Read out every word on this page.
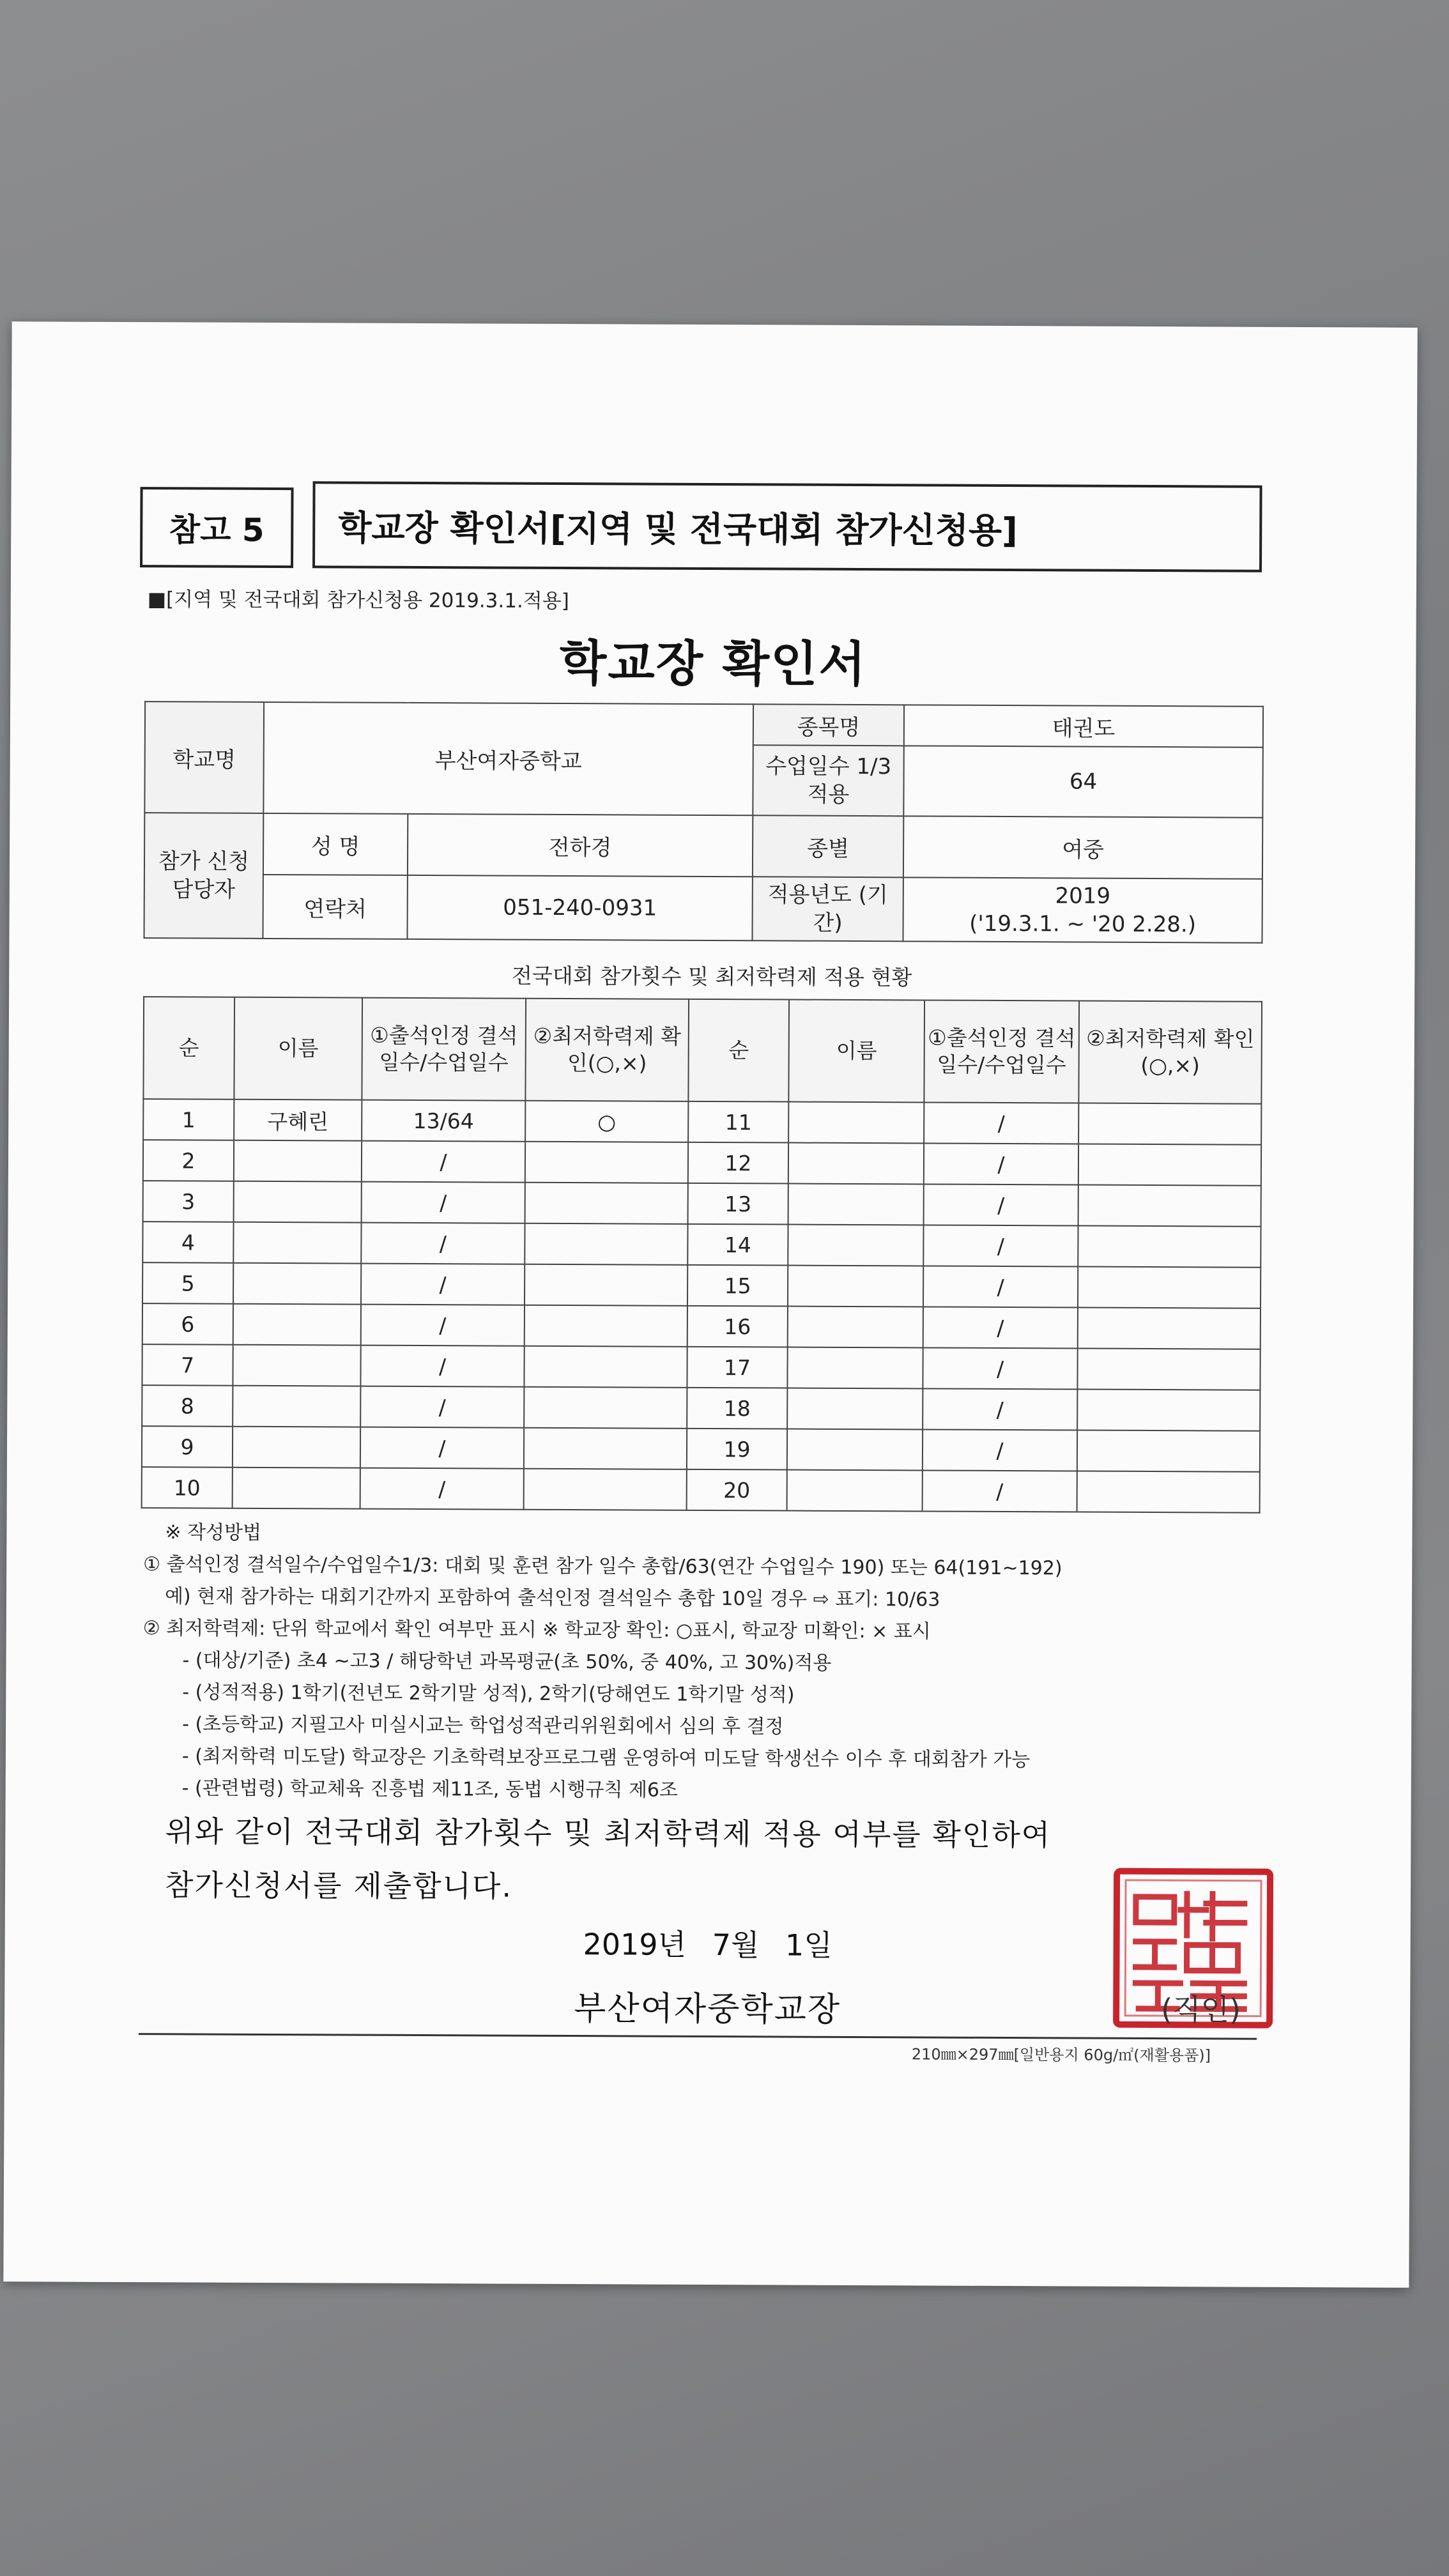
참고 5 학교장 확인서[지역 및 전국대회 참가신청용]
■[지역 및 전국대회 참가신청용 2019.3.1.적용]
학교장 확인서
학교명	부산여자중학교		종목명	태권도
			수업일수 1/3 적용	64
참가 신청 담당자	성 명	전하경	종별	여중
	연락처	051-240-0931	적용년도 (기간)	2019
('19.3.1. ~ '20 2.28.)
전국대회 참가횟수 및 최저학력제 적용 현황
순	이름	①출석인정 결석일수/수업일수	②최저학력제 확인(○,×)	순	이름	①출석인정 결석일수/수업일수	②최저학력제 확인(○,×)
1	구혜린	13/64	○	11		/	
2		/		12		/	
3		/		13		/	
4		/		14		/	
5		/		15		/	
6		/		16		/	
7		/		17		/	
8		/		18		/	
9		/		19		/	
10		/		20		/	
※ 작성방법
① 출석인정 결석일수/수업일수1/3: 대회 및 훈련 참가 일수 총합/63(연간 수업일수 190) 또는 64(191~192)
예) 현재 참가하는 대회기간까지 포함하여 출석인정 결석일수 총합 10일 경우 ⇨ 표기: 10/63
② 최저학력제: 단위 학교에서 확인 여부만 표시 ※ 학교장 확인: ○표시, 학교장 미확인: × 표시
- (대상/기준) 초4 ~고3 / 해당학년 과목평균(초 50%, 중 40%, 고 30%)적용
- (성적적용) 1학기(전년도 2학기말 성적), 2학기(당해연도 1학기말 성적)
- (초등학교) 지필고사 미실시교는 학업성적관리위원회에서 심의 후 결정
- (최저학력 미도달) 학교장은 기초학력보장프로그램 운영하여 미도달 학생선수 이수 후 대회참가 가능
- (관련법령) 학교체육 진흥법 제11조, 동법 시행규칙 제6조
위와 같이 전국대회 참가횟수 및 최저학력제 적용 여부를 확인하여
참가신청서를 제출합니다.
2019년 7월 1일
부산여자중학교장	(직인)
210㎜×297㎜[일반용지 60g/㎡(재활용품)]
